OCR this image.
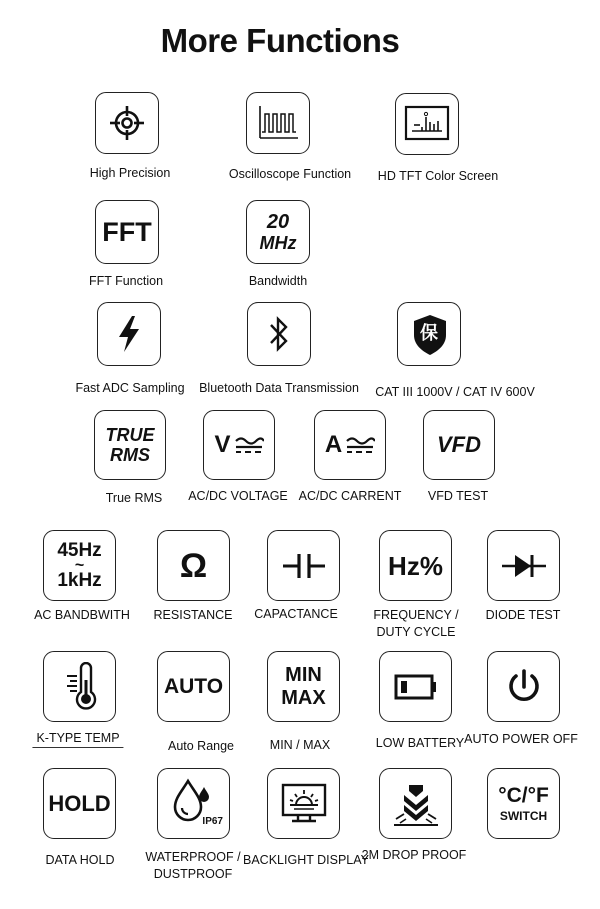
More Functions
High Precision	Oscilloscope Function HD TFT Color Screen
FFT
FFT Function
20
MHz
Bandwidth
Fast ADC Sampling Bluetooth Data Transmission
保
CAT III 1000V / CAT IV 600V
TRUE
RMS
True RMS
V
AC/DC VOLTAGE
A
AC/DC CARRENT
VFD
VFD TEST
45Hz
~
1kHz
AC BANDBWITH
Ω
RESISTANCE CAPACTANCE
Hz%
FREQUENCY /
DUTY CYCLE
DIODE TEST
K-TYPE TEMP
AUTO
Auto Range
MIN
MAX
MIN / MAX	LOW BATTERY AUTO POWER OFF
HOLD
DATA HOLD
IP67
WATERPROOF /
DUSTPROOF
BACKLIGHT DISPLAY
2M DROP PROOF
°C/°F
SWITCH
